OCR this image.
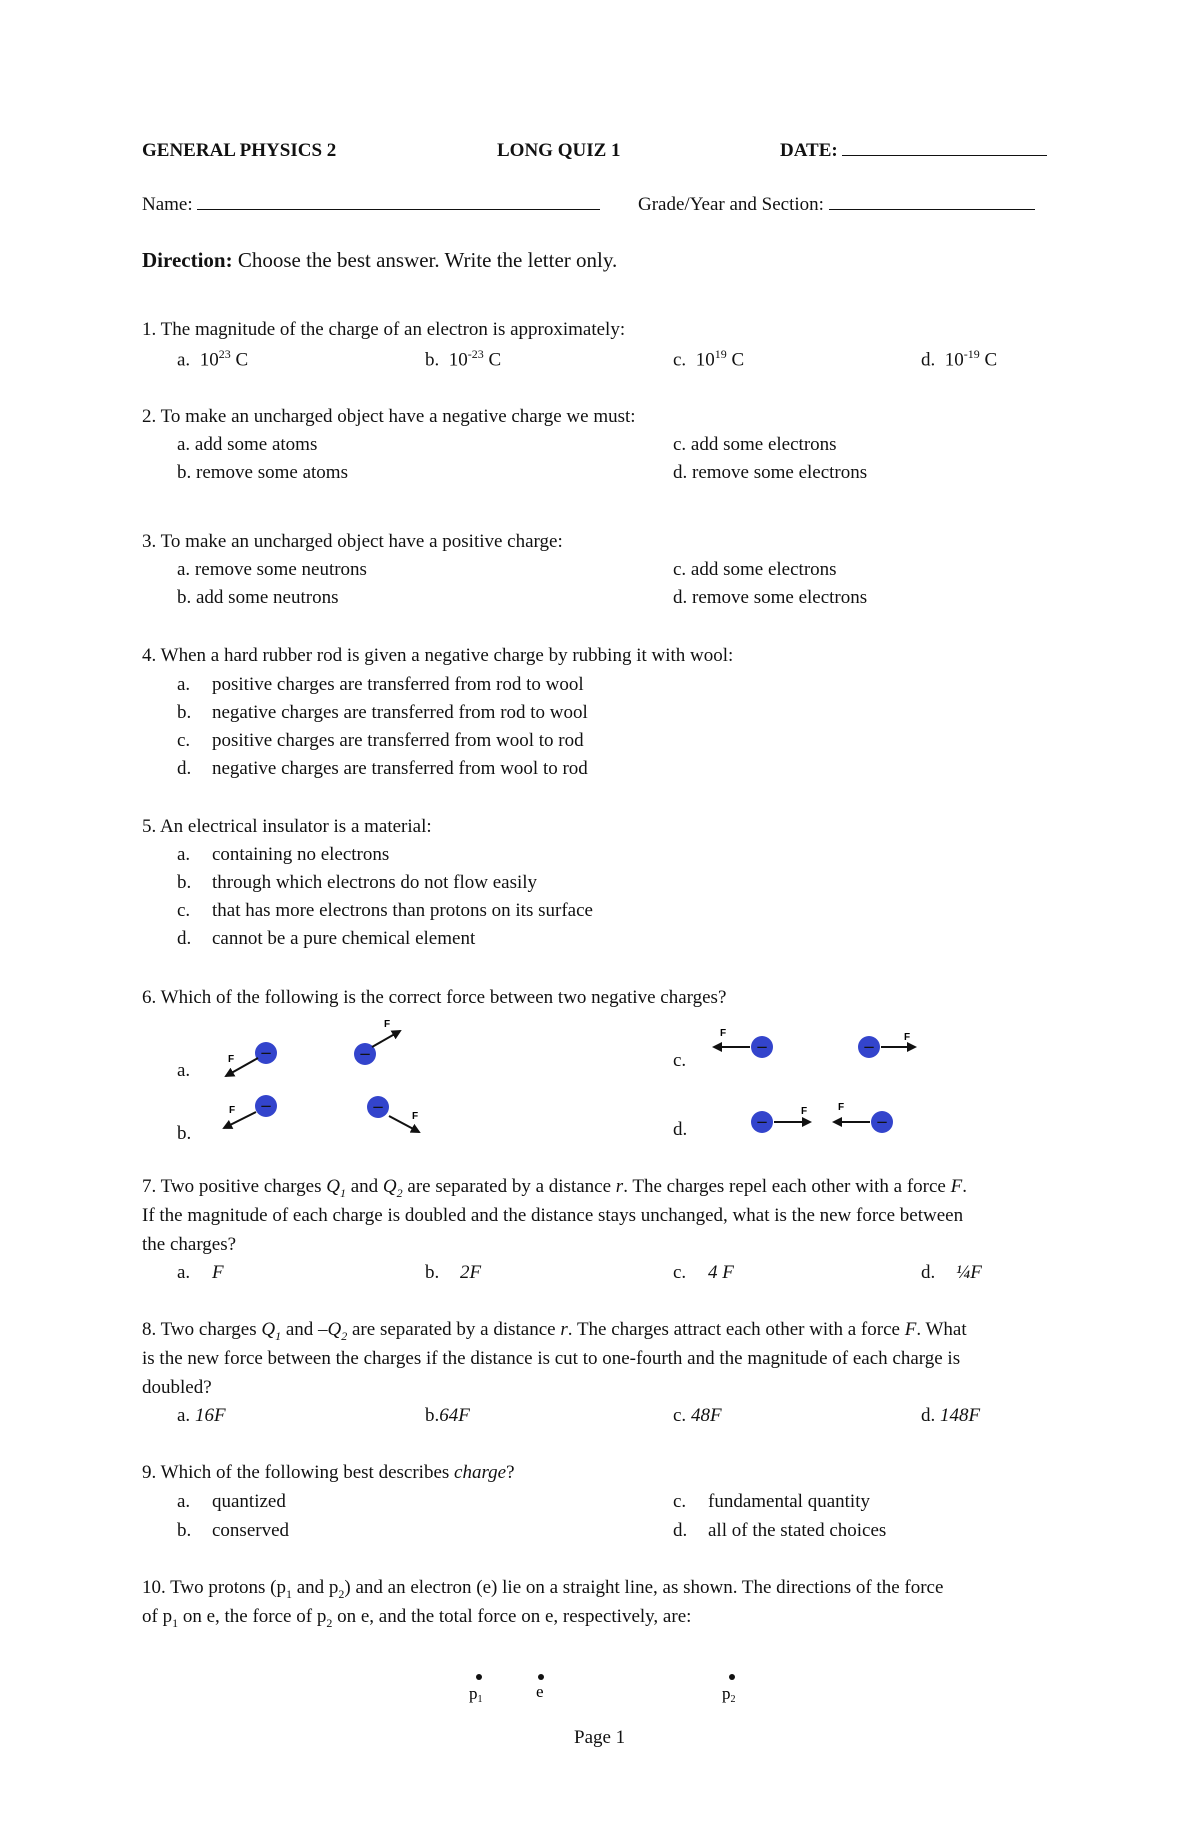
GENERAL PHYSICS 2	LONG QUIZ 1	DATE:
Name:	Grade/Year and Section:
Direction: Choose the best answer. Write the letter only.
1. The magnitude of the charge of an electron is approximately:
a. $10^{23}$ C	b. $10^{-23}$ C	c. $10^{19}$ C	d. $10^{-19}$ C
2. To make an uncharged object have a negative charge we must:
a. add some atoms
b. remove some atoms
c. add some electrons
d. remove some electrons
3. To make an uncharged object have a positive charge:
a. remove some neutrons
b. add some neutrons
c. add some electrons
d. remove some electrons
4. When a hard rubber rod is given a negative charge by rubbing it with wool:
a. positive charges are transferred from rod to wool
b. negative charges are transferred from rod to wool
c. positive charges are transferred from wool to rod
d. negative charges are transferred from wool to rod
5. An electrical insulator is a material:
a. containing no electrons
b. through which electrons do not flow easily
c. that has more electrons than protons on its surface
d. cannot be a pure chemical element
6. Which of the following is the correct force between two negative charges?
a.
b.
c.
d.
−
F	−
F
−
F	−
F
−
F
−
F
−
F	F
−
7. Two positive charges $Q_1$ and $Q_2$ are separated by a distance r. The charges repel each other with a force F.
If the magnitude of each charge is doubled and the distance stays unchanged, what is the new force between
the charges?
a. F	b. 2F	c. 4 F	d. ¼F
8. Two charges $Q_1$ and $-Q_2$ are separated by a distance r. The charges attract each other with a force F. What
is the new force between the charges if the distance is cut to one-fourth and the magnitude of each charge is
doubled?
a. 16F	b.64F	c. 48F	d. 148F
9. Which of the following best describes charge?
a. quantized
b. conserved
c. fundamental quantity
d. all of the stated choices
10. Two protons ($p_1$ and $p_2$) and an electron (e) lie on a straight line, as shown. The directions of the force
of $p_1$ on e, the force of $p_2$ on e, and the total force on e, respectively, are:
p1	e	p2
Page 1
